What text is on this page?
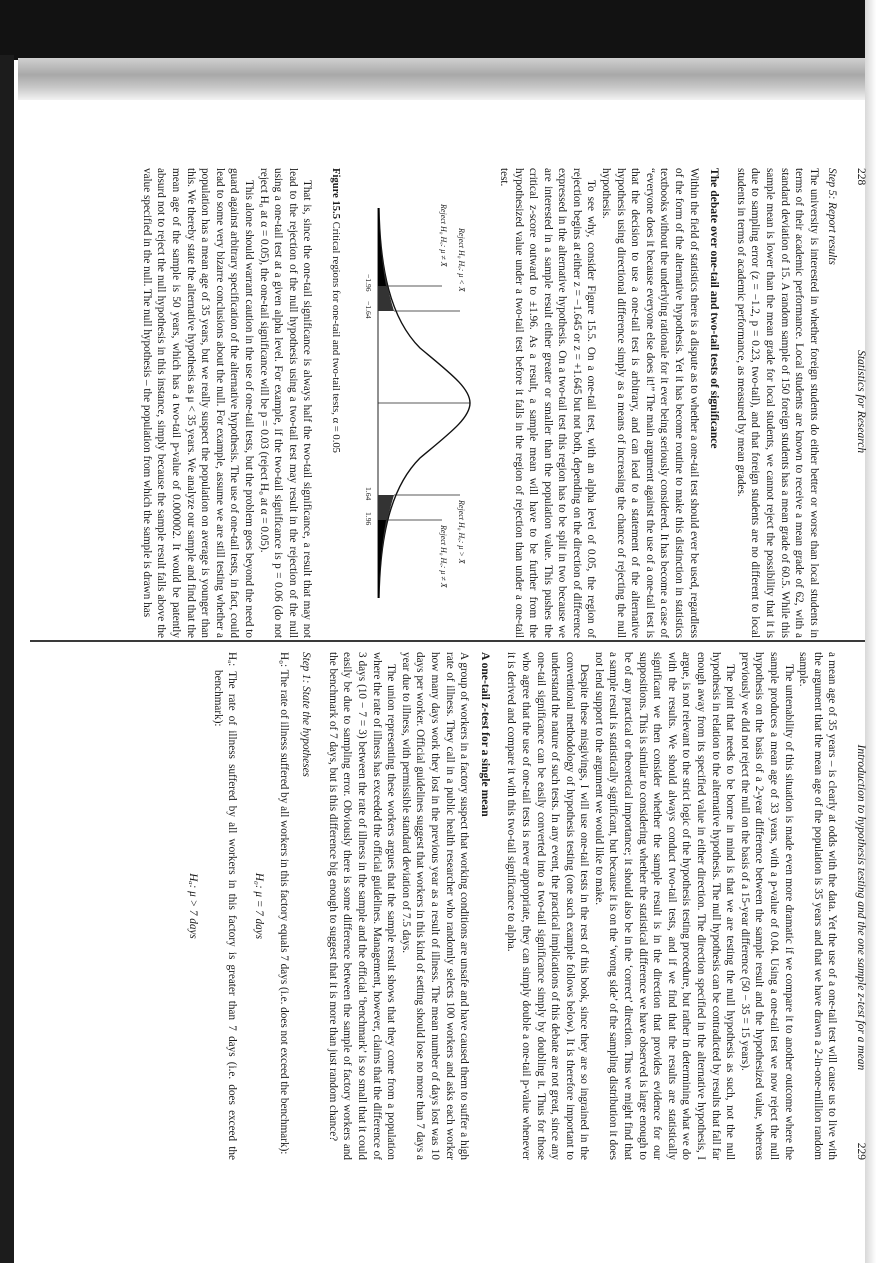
228
Statistics for Research
Step 5: Report results

The university is interested in whether foreign students do either better or worse than local students in terms of their academic performance. Local students are known to receive a mean grade of 62, with a standard deviation of 15. A random sample of 150 foreign students has a mean grade of 60.5. While this sample mean is lower than the mean grade for local students, we cannot reject the possibility that it is due to sampling error (z = −1.2, p = 0.23, two-tail), and that foreign students are no different to local students in terms of academic performance, as measured by mean grades.

The debate over one-tail and two-tail tests of significance

Within the field of statistics there is a dispute as to whether a one-tail test should ever be used, regardless of the form of the alternative hypothesis. Yet it has become routine to make this distinction in statistics textbooks without the underlying rationale for it ever being seriously considered. It has become a case of “everyone does it because everyone else does it!” The main argument against the use of a one-tail test is that the decision to use a one-tail test is arbitrary, and can lead to a statement of the alternative hypothesis using directional difference simply as a means of increasing the chance of rejecting the null hypothesis.

To see why, consider Figure 15.5. On a one-tail test, with an alpha level of 0.05, the region of rejection begins at either z = −1.645 or z = +1.645 but not both, depending on the direction of difference expressed in the alternative hypothesis. On a two-tail test this region has to be split in two because we are interested in a sample result either greater or smaller than the population value. This pushes the critical z-score outward to ±1.96. As a result, a sample mean will have to be further from the hypothesized value under a two-tail test before it falls in the region of rejection than under a one-tail test.

Reject H₀ Hₐ: μ < X̄
Reject H₀ Hₐ: μ ≠ X̄
Reject H₀ Hₐ: μ > X̄
Reject H₀ Hₐ: μ ≠ X̄
−1.96
−1.64
1.64
1.96
Figure 15.5 Critical regions for one-tail and two-tail tests, α = 0.05

That is, since the one-tail significance is always half the two-tail significance, a result that may not lead to the rejection of the null hypothesis using a two-tail test may result in the rejection of the null using a one-tail test at a given alpha level. For example, if the two-tail significance is p = 0.06 (do not reject H₀ at α = 0.05), the one-tail significance will be p = 0.03 (reject H₀ at α = 0.05).

This alone should warrant caution in the use of one-tail tests, but the problem goes beyond the need to guard against arbitrary specification of the alternative hypothesis. The use of one-tail tests, in fact, could lead to some very bizarre conclusions about the null. For example, assume we are still testing whether a population has a mean age of 35 years, but we really suspect the population on average is younger than this. We thereby state the alternative hypothesis as μ < 35 years. We analyze our sample and find that the mean age of the sample is 50 years, which has a two-tail p-value of 0.000002. It would be patently absurd not to reject the null hypothesis in this instance, simply because the sample result falls above the value specified in the null. The null hypothesis – the population from which the sample is drawn has

Introduction to hypothesis testing and the one sample z-test for a mean
229

a mean age of 35 years – is clearly at odds with the data. Yet the use of a one-tail test will cause us to live with the argument that the mean age of the population is 35 years and that we have drawn a 2-in-one-million random sample.

The untenability of this situation is made even more dramatic if we compare it to another outcome where the sample produces a mean age of 33 years, with a p-value of 0.04. Using a one-tail test we now reject the null hypothesis on the basis of a 2-year difference between the sample result and the hypothesized value, whereas previously we did not reject the null on the basis of a 15-year difference (50 − 35 = 15 years).

The point that needs to be borne in mind is that we are testing the null hypothesis as such, not the null hypothesis in relation to the alternative hypothesis. The null hypothesis can be contradicted by results that fall far enough away from its specified value in either direction. The direction specified in the alternative hypothesis, I argue, is not relevant to the strict logic of the hypothesis testing procedure, but rather in determining what we do with the results. We should always conduct two-tail tests, and if we find that the results are statistically significant we then consider whether the sample result is in the direction that provides evidence for our suppositions. This is similar to considering whether the statistical difference we have observed is large enough to be of any practical or theoretical importance; it should also be in the ‘correct’ direction. Thus we might find that a sample result is statistically significant, but because it is on the ‘wrong side’ of the sampling distribution it does not lend support to the argument we would like to make.

Despite these misgivings, I will use one-tail tests in the rest of this book, since they are so ingrained in the conventional methodology of hypothesis testing (one such example follows below). It is therefore important to understand the nature of such tests. In any event, the practical implications of this debate are not great, since any one-tail significance can be easily converted into a two-tail significance simply by doubling it. Thus for those who agree that the use of one-tail tests is never appropriate, they can simply double a one-tail p-value whenever it is derived and compare it with this two-tail significance to alpha.

A one-tail z-test for a single mean

A group of workers in a factory suspect that working conditions are unsafe and have caused them to suffer a high rate of illness. They call in a public health researcher who randomly selects 100 workers and asks each worker how many days work they lost in the previous year as a result of illness. The mean number of days lost was 10 days per worker. Official guidelines suggest that workers in this kind of setting should lose no more than 7 days a year due to illness, with permissible standard deviation of 7.5 days.

The union representing these workers argues that the sample result shows that they come from a population where the rate of illness has exceeded the official guidelines. Management, however, claims that the difference of 3 days (10 − 7 = 3) between the rate of illness in the sample and the official ‘benchmark’ is so small that it could easily be due to sampling error. Obviously there is some difference between the sample of factory workers and the benchmark of 7 days, but is this difference big enough to suggest that it is more than just random chance?

Step 1: State the hypotheses
H₀: The rate of illness suffered by all workers in this factory equals 7 days (i.e. does not exceed the benchmark):
H₀: μ = 7 days
Hₐ: The rate of illness suffered by all workers in this factory is greater than 7 days (i.e. does exceed the benchmark):
Hₐ: μ > 7 days
